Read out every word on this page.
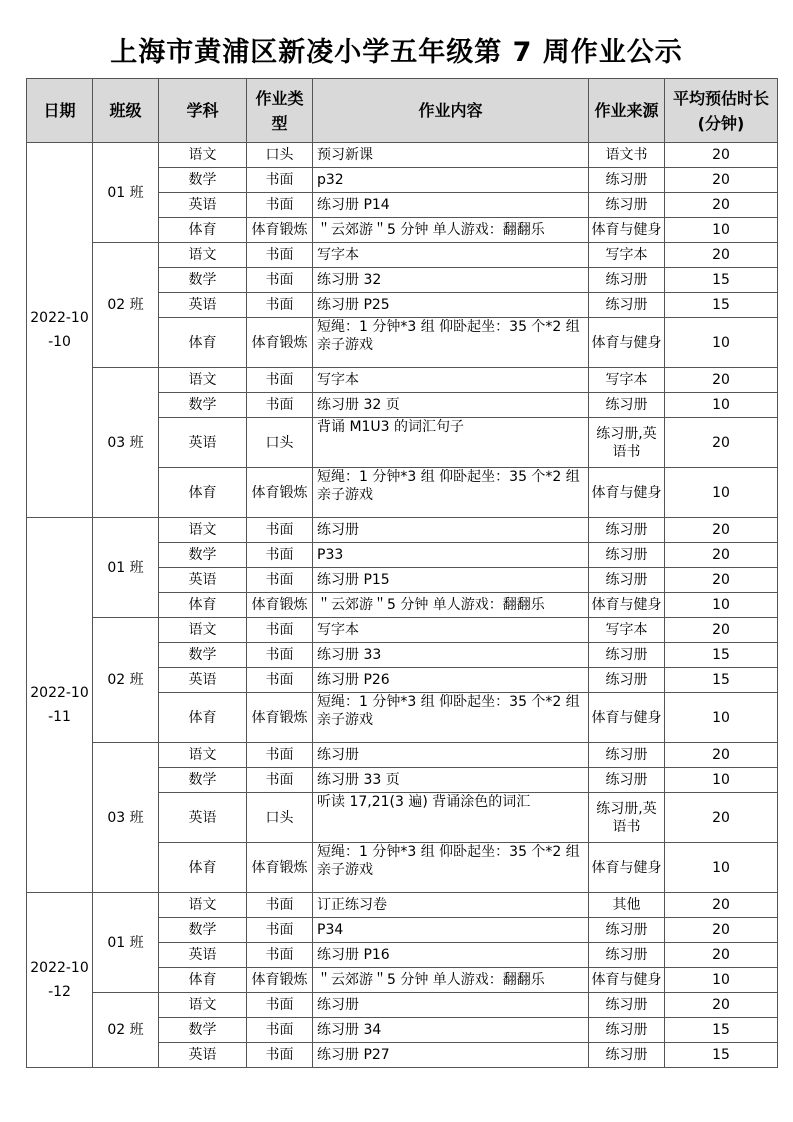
上海市黄浦区新凌小学五年级第 7 周作业公示
日期	班级	学科	作业类型	作业内容	作业来源	平均预估时长(分钟)
2022-10-10	01 班	语文	口头	预习新课	语文书	20
		数学	书面	p32	练习册	20
		英语	书面	练习册 P14	练习册	20
		体育	体育锻炼	＂云郊游＂5 分钟 单人游戏：翻翻乐	体育与健身	10
	02 班	语文	书面	写字本	写字本	20
		数学	书面	练习册 32	练习册	15
		英语	书面	练习册 P25	练习册	15
		体育	体育锻炼	短绳：1 分钟*3 组 仰卧起坐：35 个*2 组 亲子游戏	体育与健身	10
	03 班	语文	书面	写字本	写字本	20
		数学	书面	练习册 32 页	练习册	10
		英语	口头	背诵 M1U3 的词汇句子	练习册,英语书	20
		体育	体育锻炼	短绳：1 分钟*3 组 仰卧起坐：35 个*2 组 亲子游戏	体育与健身	10
2022-10-11	01 班	语文	书面	练习册	练习册	20
		数学	书面	P33	练习册	20
		英语	书面	练习册 P15	练习册	20
		体育	体育锻炼	＂云郊游＂5 分钟 单人游戏：翻翻乐	体育与健身	10
	02 班	语文	书面	写字本	写字本	20
		数学	书面	练习册 33	练习册	15
		英语	书面	练习册 P26	练习册	15
		体育	体育锻炼	短绳：1 分钟*3 组 仰卧起坐：35 个*2 组 亲子游戏	体育与健身	10
	03 班	语文	书面	练习册	练习册	20
		数学	书面	练习册 33 页	练习册	10
		英语	口头	听读 17,21(3 遍) 背诵涂色的词汇	练习册,英语书	20
		体育	体育锻炼	短绳：1 分钟*3 组 仰卧起坐：35 个*2 组 亲子游戏	体育与健身	10
2022-10-12	01 班	语文	书面	订正练习卷	其他	20
		数学	书面	P34	练习册	20
		英语	书面	练习册 P16	练习册	20
		体育	体育锻炼	＂云郊游＂5 分钟 单人游戏：翻翻乐	体育与健身	10
	02 班	语文	书面	练习册	练习册	20
		数学	书面	练习册 34	练习册	15
		英语	书面	练习册 P27	练习册	15
